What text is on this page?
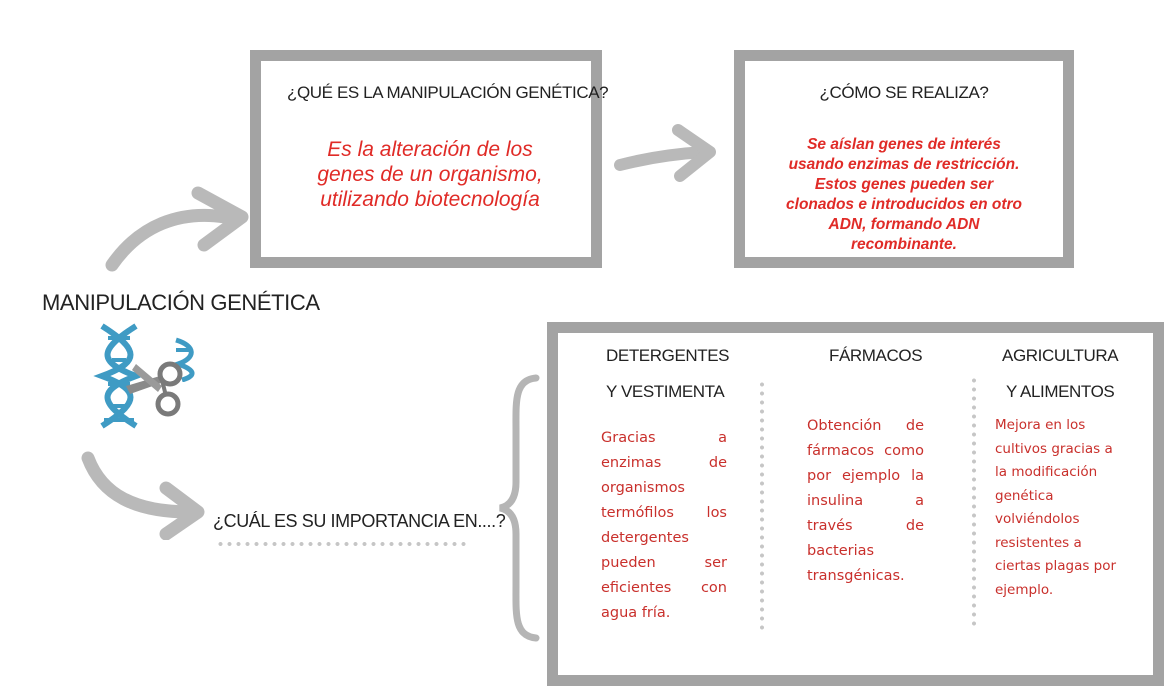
¿QUÉ ES LA MANIPULACIÓN GENÉTICA?
Es la alteración de los genes de un organismo, utilizando biotecnología
¿CÓMO SE REALIZA?
Se aíslan genes de interés usando enzimas de restricción. Estos genes pueden ser clonados e introducidos en otro ADN, formando ADN recombinante.
MANIPULACIÓN GENÉTICA
¿CUÁL ES SU IMPORTANCIA EN....?
DETERGENTES
Y VESTIMENTA
Gracias a enzimas de organismos termófilos los detergentes pueden ser eficientes con agua fría.
FÁRMACOS
Obtención de fármacos como por ejemplo la insulina a través de bacterias transgénicas.
AGRICULTURA
Y ALIMENTOS
Mejora en los cultivos gracias a la modificación genética volviéndolos resistentes a ciertas plagas por ejemplo.
